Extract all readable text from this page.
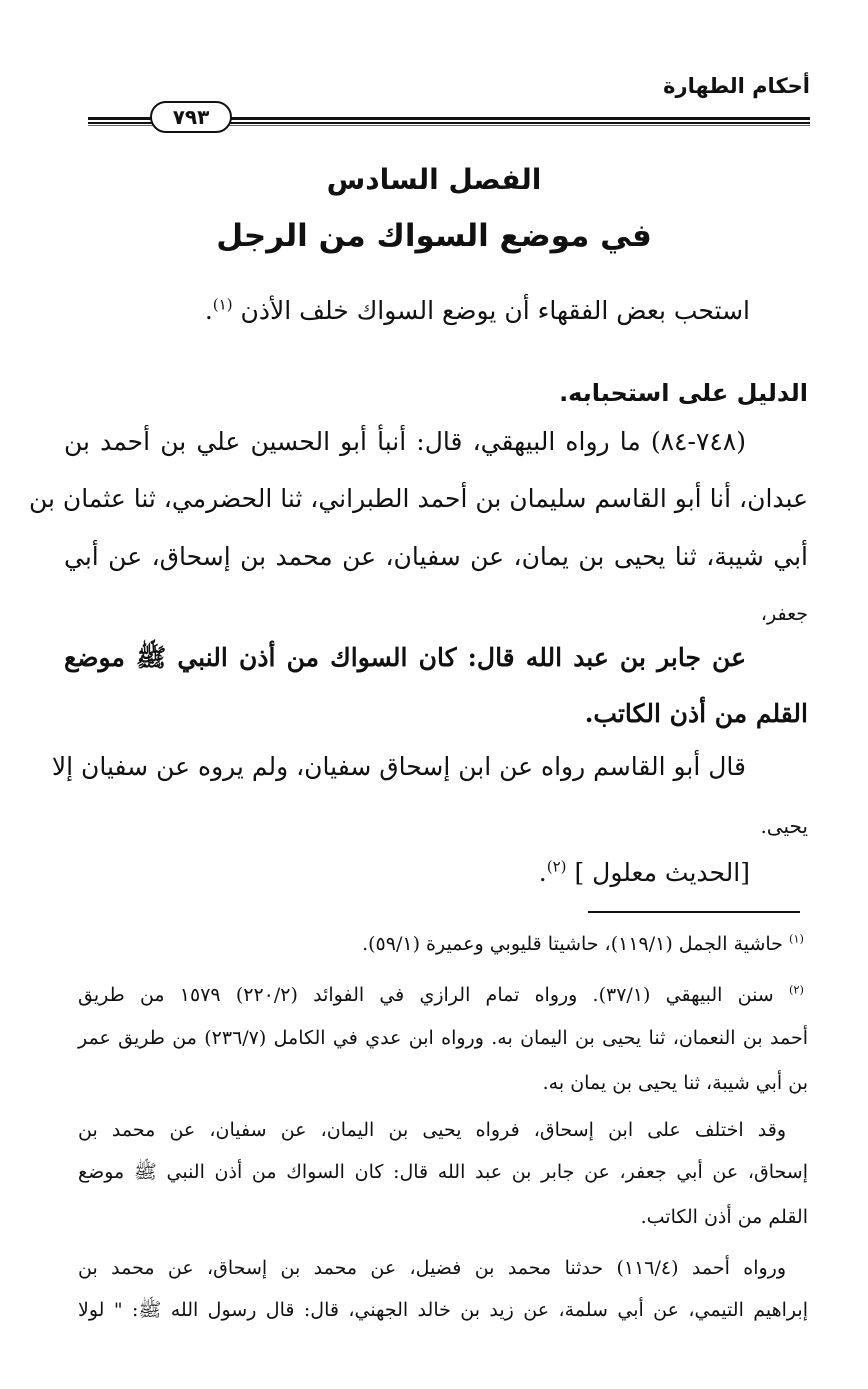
أحكام الطهارة
٧٩٣
الفصل السادس
في موضع السواك من الرجل
استحب بعض الفقهاء أن يوضع السواك خلف الأذن $^{(١)}$.
الدليل على استحبابه.
(٧٤٨-٨٤) ما رواه البيهقي، قال: أنبأ أبو الحسين علي بن أحمد بن
عبدان، أنا أبو القاسم سليمان بن أحمد الطبراني، ثنا الحضرمي، ثنا عثمان بن
أبي شيبة، ثنا يحيى بن يمان، عن سفيان، عن محمد بن إسحاق، عن أبي
جعفر،
عن جابر بن عبد الله قال: كان السواك من أذن النبي ﷺ موضع
القلم من أذن الكاتب.
قال أبو القاسم رواه عن ابن إسحاق سفيان، ولم يروه عن سفيان إلا
يحيى.
[الحديث معلول ] $^{(٢)}$.
$^{(١)}$ حاشية الجمل (١١٩/١)، حاشيتا قليوبي وعميرة (٥٩/١).
$^{(٢)}$ سنن البيهقي (٣٧/١). ورواه تمام الرازي في الفوائد (٢٢٠/٢) ١٥٧٩ من طريق
أحمد بن النعمان، ثنا يحيى بن اليمان به. ورواه ابن عدي في الكامل (٢٣٦/٧) من طريق عمر
بن أبي شيبة، ثنا يحيى بن يمان به.
وقد اختلف على ابن إسحاق، فرواه يحيى بن اليمان، عن سفيان، عن محمد بن
إسحاق، عن أبي جعفر، عن جابر بن عبد الله قال: كان السواك من أذن النبي ﷺ موضع
القلم من أذن الكاتب.
ورواه أحمد (١١٦/٤) حدثنا محمد بن فضيل، عن محمد بن إسحاق، عن محمد بن
إبراهيم التيمي، عن أبي سلمة، عن زيد بن خالد الجهني، قال: قال رسول الله ﷺ: " لولا
